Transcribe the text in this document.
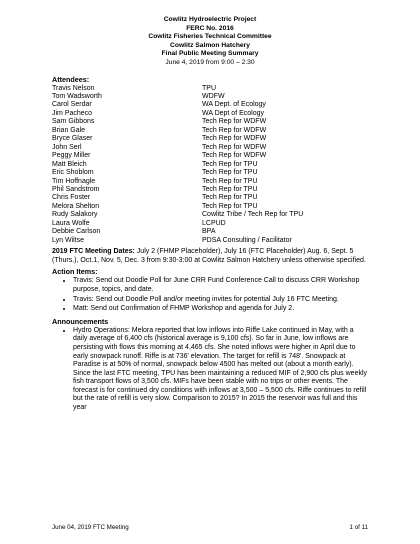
Cowlitz Hydroelectric Project
FERC No. 2016
Cowlitz Fisheries Technical Committee
Cowlitz Salmon Hatchery
Final Public Meeting Summary
June 4, 2019 from 9:00 – 2:30
Attendees:
Travis Nelson	TPU
Tom Wadsworth	WDFW
Carol Serdar	WA Dept. of Ecology
Jim Pacheco	WA Dept of Ecology
Sam Gibbons	Tech Rep for WDFW
Brian Gale	Tech Rep for WDFW
Bryce Glaser	Tech Rep for WDFW
John Serl	Tech Rep for WDFW
Peggy Miller	Tech Rep for WDFW
Matt Bleich	Tech Rep for TPU
Eric Shoblom	Tech Rep for TPU
Tim Hoffnagle	Tech Rep for TPU
Phil Sandstrom	Tech Rep for TPU
Chris Foster	Tech Rep for TPU
Melora Shelton	Tech Rep for TPU
Rudy Salakory	Cowlitz Tribe / Tech Rep for TPU
Laura Wolfe	LCPUD
Debbie Carlson	BPA
Lyn Wiltse	PDSA Consulting / Facilitator

2019 FTC Meeting Dates: July 2 (FHMP Placeholder), July 16 (FTC Placeholder) Aug. 6, Sept. 5 (Thurs.), Oct.1, Nov. 5, Dec. 3 from 9:30-3:00 at Cowlitz Salmon Hatchery unless otherwise specified.

Action Items:
• Travis: Send out Doodle Poll for June CRR Fund Conference Call to discuss CRR Workshop purpose, topics, and date.
• Travis: Send out Doodle Poll and/or meeting invites for potential July 16 FTC Meeting.
• Matt: Send out Confirmation of FHMP Workshop and agenda for July 2.
Announcements
• Hydro Operations: Melora reported that low inflows into Riffe Lake continued in May, with a daily average of 6,400 cfs (historical average is 9,100 cfs). So far in June, low inflows are persisting with flows this morning at 4,465 cfs. She noted inflows were higher in April due to early snowpack runoff. Riffe is at 736' elevation. The target for refill is 748'. Snowpack at Paradise is at 50% of normal, snowpack below 4500 has melted out (about a month early). Since the last FTC meeting, TPU has been maintaining a reduced MIF of 2,900 cfs plus weekly fish transport flows of 3,500 cfs. MIFs have been stable with no trips or other events. The forecast is for continued dry conditions with inflows at 3,500 – 5,500 cfs. Riffe continues to refill but the rate of refill is very slow. Comparison to 2015? In 2015 the reservoir was full and this year
June 04, 2019 FTC Meeting	1 of 11
